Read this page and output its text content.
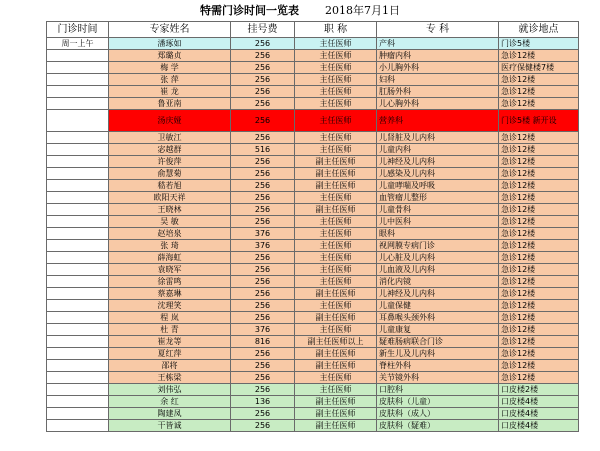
特需门诊时间一览表 2018年7月1日
门诊时间	专家姓名	挂号费	职 称	专 科	就诊地点
周一上午	潘琢如	256	主任医师	产科	门诊5楼
	郑璐贞	256	主任医师	肿瘤内科	急诊12楼
	梅 学	256	主任医师	小儿胸外科	医疗保健楼7楼
	张 萍	256	主任医师	妇科	急诊12楼
	崔 龙	256	主任医师	肛肠外科	急诊12楼
	鲁亚南	256	主任医师	儿心胸外科	急诊12楼
	汤庆娅	256	主任医师	营养科	门诊5楼 新开设
	卫敏江	256	主任医师	儿肾脏及儿内科	急诊12楼
	宓越群	516	主任医师	儿童内科	急诊12楼
	许俊萍	256	副主任医师	儿神经及儿内科	急诊12楼
	俞慧菊	256	副主任医师	儿感染及儿内科	急诊12楼
	嵇若旭	256	副主任医师	儿童哮喘及呼吸	急诊12楼
	欧阳天祥	256	主任医师	血管瘤儿整形	急诊12楼
	王晓林	256	副主任医师	儿童骨科	急诊12楼
	吴 敏	256	主任医师	儿中医科	急诊12楼
	赵培泉	376	主任医师	眼科	急诊12楼
	张 琦	376	主任医师	视网膜专病门诊	急诊12楼
	薛海虹	256	主任医师	儿心脏及儿内科	急诊12楼
	袁晓军	256	主任医师	儿血液及儿内科	急诊12楼
	徐雷鸣	256	主任医师	消化内镜	急诊12楼
	蔡嘉琳	256	副主任医师	儿神经及儿内科	急诊12楼
	沈理笑	256	主任医师	儿童保健	急诊12楼
	程 岚	256	副主任医师	耳鼻喉头颈外科	急诊12楼
	杜 青	376	主任医师	儿童康复	急诊12楼
	崔龙等	816	副主任医师以上	疑难肠病联合门诊	急诊12楼
	夏红萍	256	副主任医师	新生儿及儿内科	急诊12楼
	邵将	256	副主任医师	脊柱外科	急诊12楼
	王栋梁	256	主任医师	关节镜外科	急诊12楼
	刘伟弘	256	主任医师	口腔科	口皮楼2楼
	余 红	136	副主任医师	皮肤科（儿童）	口皮楼4楼
	陶建凤	256	副主任医师	皮肤科（成人）	口皮楼4楼
	干皆诚	256	副主任医师	皮肤科（疑难）	口皮楼4楼
